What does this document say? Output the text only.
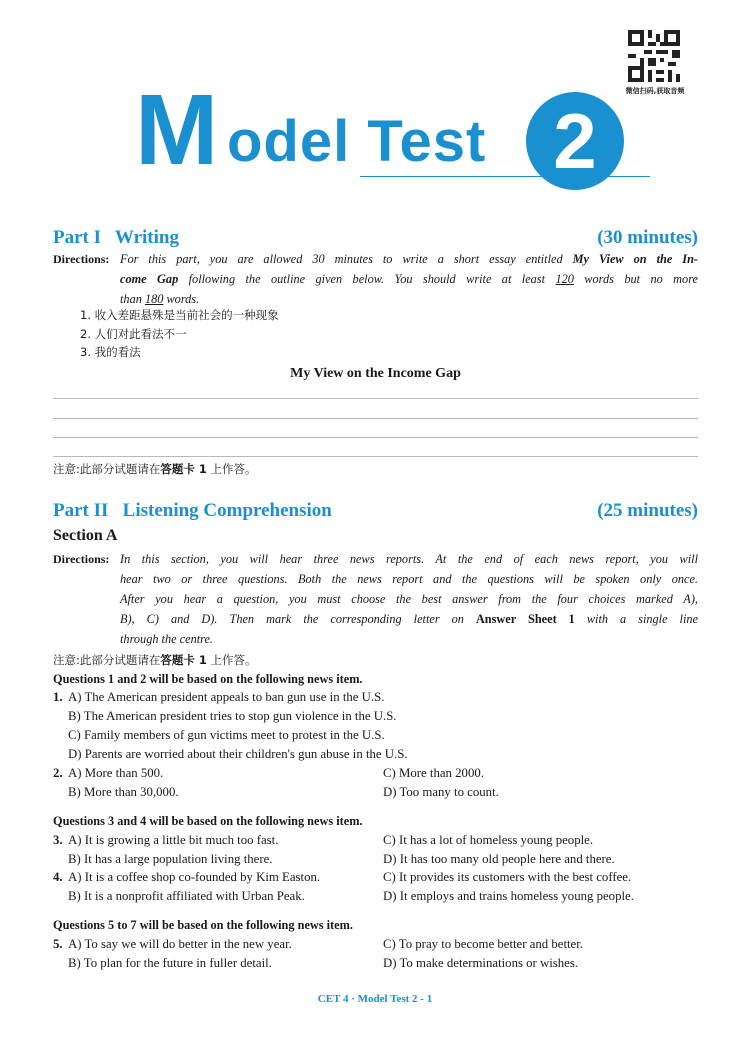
微信扫码,获取音频
M odel Test 2
Part I   Writing	(30 minutes)
Directions: For this part, you are allowed 30 minutes to write a short essay entitled My View on the In-
come Gap following the outline given below. You should write at least 120 words but no more
than 180 words.
1. 收入差距悬殊是当前社会的一种现象
2. 人们对此看法不一
3. 我的看法
My View on the Income Gap
注意:此部分试题请在答题卡 1 上作答。
Part II   Listening Comprehension	(25 minutes)
Section A
Directions: In this section, you will hear three news reports. At the end of each news report, you will
hear two or three questions. Both the news report and the questions will be spoken only once.
After you hear a question, you must choose the best answer from the four choices marked A),
B), C) and D). Then mark the corresponding letter on Answer Sheet 1 with a single line
through the centre.
注意:此部分试题请在答题卡 1 上作答。
Questions 1 and 2 will be based on the following news item.
1. A) The American president appeals to ban gun use in the U.S.
B) The American president tries to stop gun violence in the U.S.
C) Family members of gun victims meet to protest in the U.S.
D) Parents are worried about their children's gun abuse in the U.S.
2. A) More than 500.	C) More than 2000.
B) More than 30,000.	D) Too many to count.
Questions 3 and 4 will be based on the following news item.
3. A) It is growing a little bit much too fast.	C) It has a lot of homeless young people.
B) It has a large population living there.	D) It has too many old people here and there.
4. A) It is a coffee shop co-founded by Kim Easton.	C) It provides its customers with the best coffee.
B) It is a nonprofit affiliated with Urban Peak.	D) It employs and trains homeless young people.
Questions 5 to 7 will be based on the following news item.
5. A) To say we will do better in the new year.	C) To pray to become better and better.
B) To plan for the future in fuller detail.	D) To make determinations or wishes.
CET 4 · Model Test 2 - 1
